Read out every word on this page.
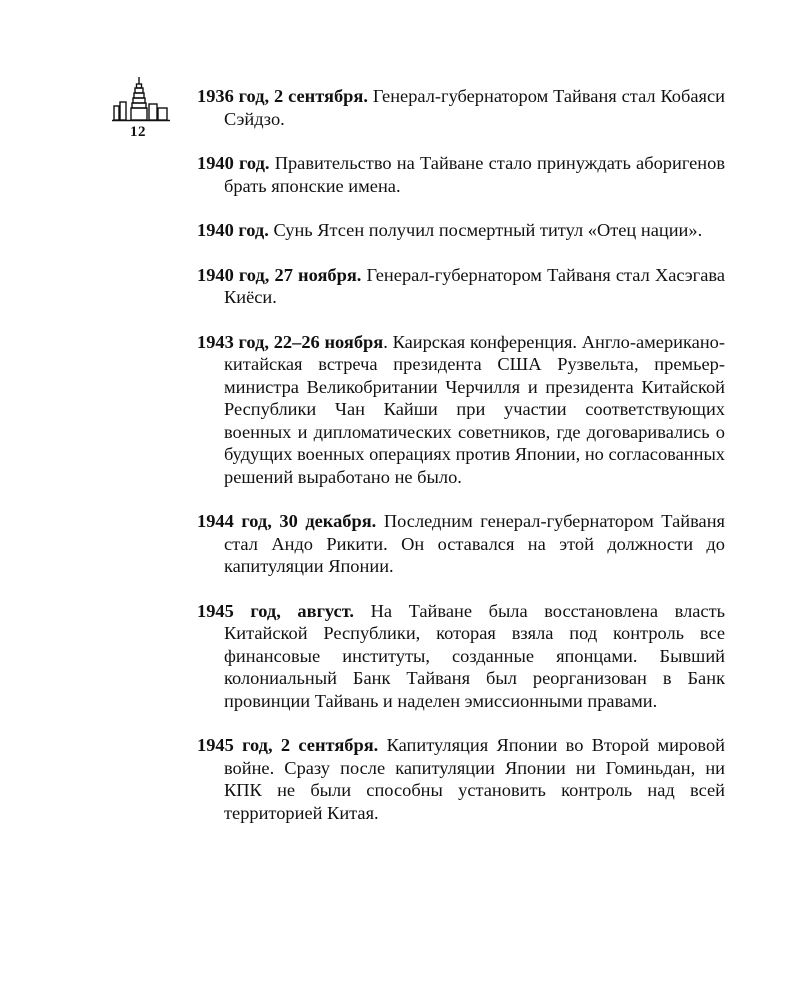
12

1936 год, 2 сентября. Генерал-губернатором Тайваня стал Кобаяси Сэйдзо.

1940 год. Правительство на Тайване стало принуждать аборигенов брать японские имена.

1940 год. Сунь Ятсен получил посмертный титул «Отец нации».

1940 год, 27 ноября. Генерал-губернатором Тайваня стал Хасэгава Киёси.

1943 год, 22–26 ноября. Каирская конференция. Англо-американо-китайская встреча президента США Рузвельта, премьер-министра Великобритании Черчилля и президента Китайской Республики Чан Кайши при участии соответствующих военных и дипломатических советников, где договаривались о будущих военных операциях против Японии, но согласованных решений выработано не было.

1944 год, 30 декабря. Последним генерал-губернатором Тайваня стал Андо Рикити. Он оставался на этой должности до капитуляции Японии.

1945 год, август. На Тайване была восстановлена власть Китайской Республики, которая взяла под контроль все финансовые институты, созданные японцами. Бывший колониальный Банк Тайваня был реорганизован в Банк провинции Тайвань и наделен эмиссионными правами.

1945 год, 2 сентября. Капитуляция Японии во Второй мировой войне. Сразу после капитуляции Японии ни Гоминьдан, ни КПК не были способны установить контроль над всей территорией Китая.
